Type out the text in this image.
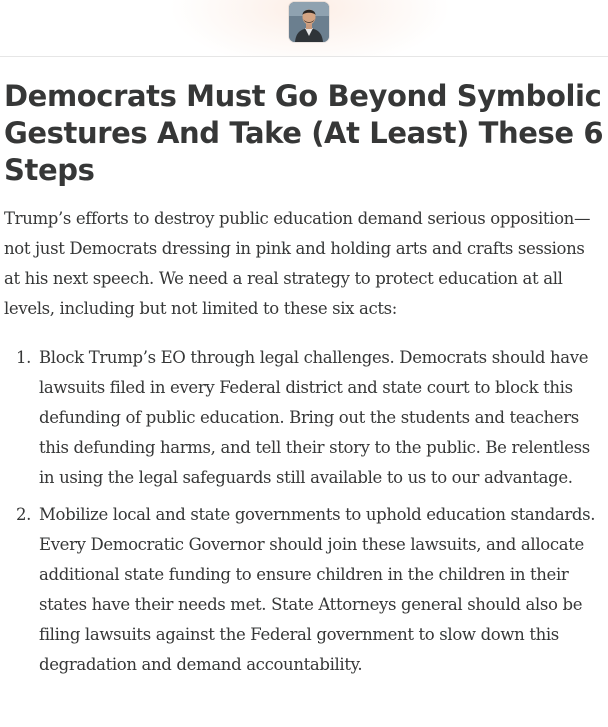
Democrats Must Go Beyond Symbolic Gestures And Take (At Least) These 6 Steps

Trump’s efforts to destroy public education demand serious opposition—not just Democrats dressing in pink and holding arts and crafts sessions at his next speech. We need a real strategy to protect education at all levels, including but not limited to these six acts:

1. Block Trump’s EO through legal challenges. Democrats should have lawsuits filed in every Federal district and state court to block this defunding of public education. Bring out the students and teachers this defunding harms, and tell their story to the public. Be relentless in using the legal safeguards still available to us to our advantage.
2. Mobilize local and state governments to uphold education standards. Every Democratic Governor should join these lawsuits, and allocate additional state funding to ensure children in the children in their states have their needs met. State Attorneys general should also be filing lawsuits against the Federal government to slow down this degradation and demand accountability.
